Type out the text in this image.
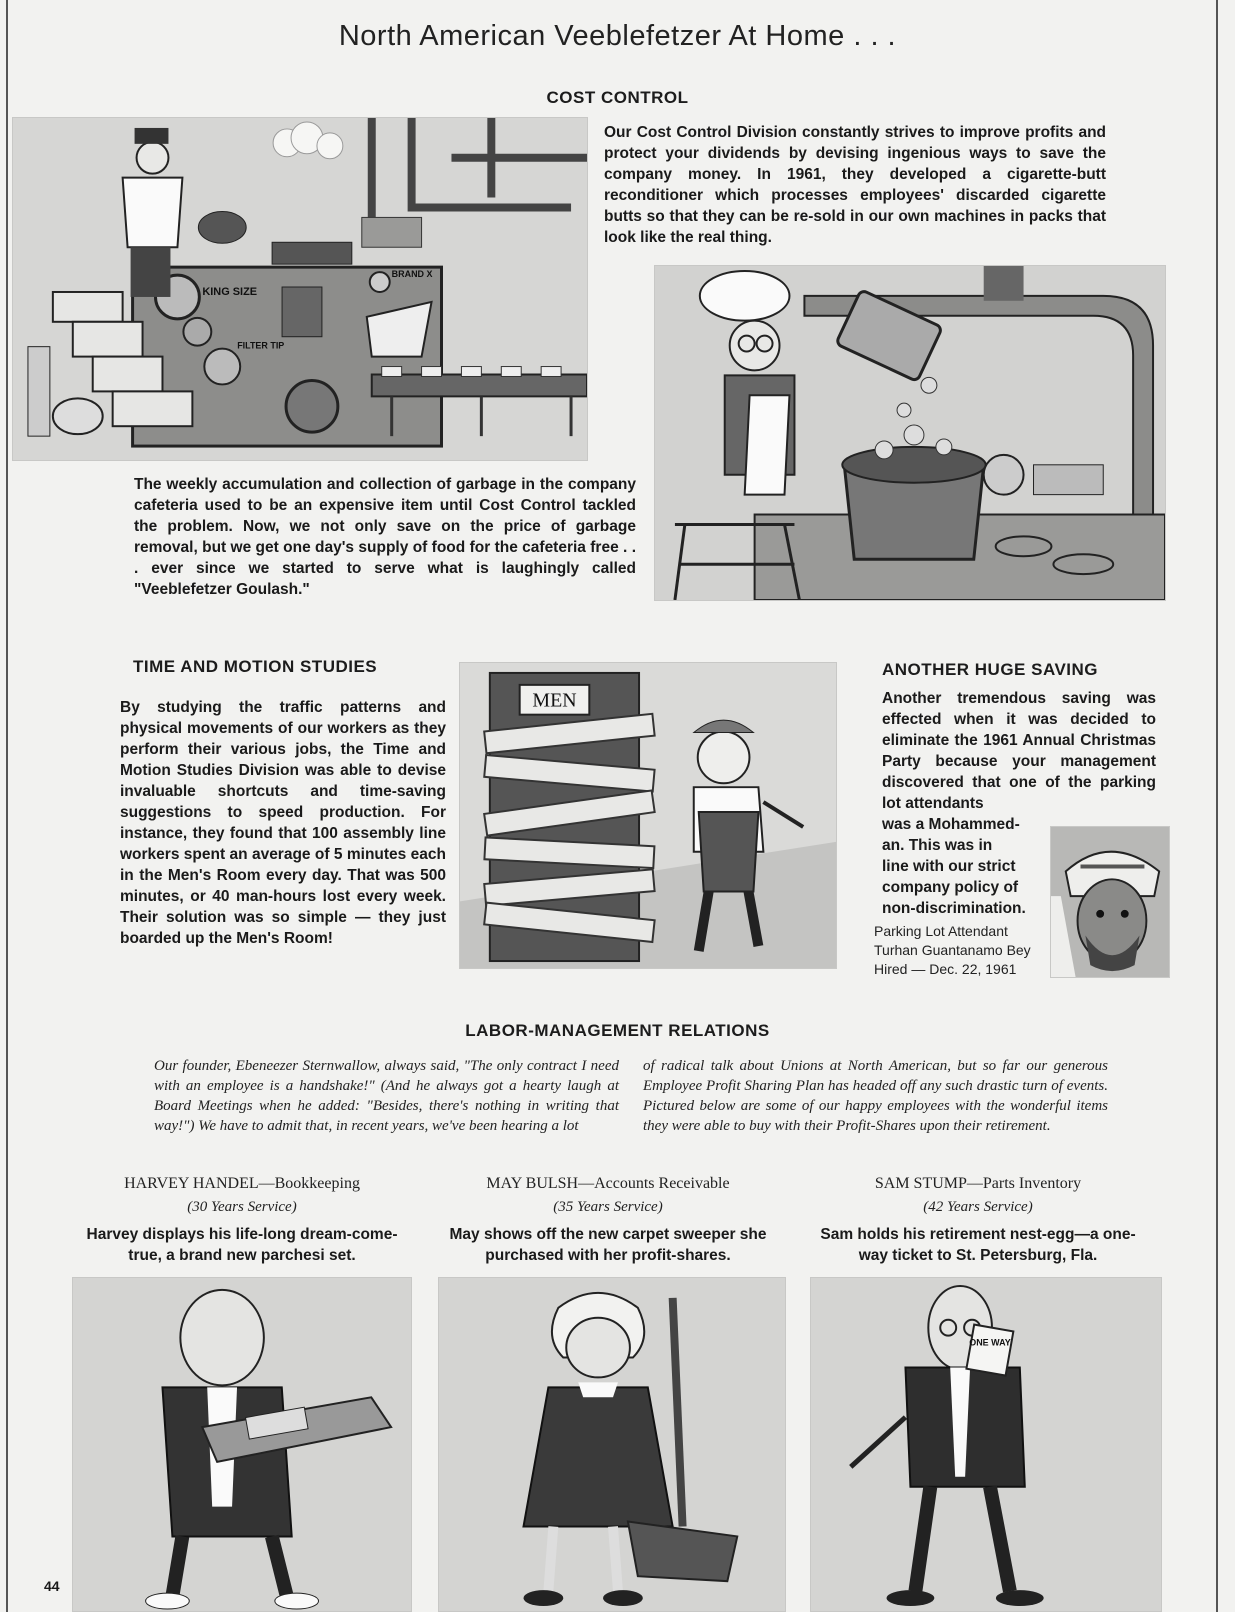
North American Veeblefetzer At Home . . .
COST CONTROL
KING SIZE
FILTER TIP
BRAND X
Our Cost Control Division constantly strives to improve profits and protect your dividends by devising ingenious ways to save the company money. In 1961, they developed a cigarette-butt reconditioner which processes employees' discarded cigarette butts so that they can be re-sold in our own machines in packs that look like the real thing.
The weekly accumulation and collection of garbage in the company cafeteria used to be an expensive item until Cost Control tackled the problem. Now, we not only save on the price of garbage removal, but we get one day's supply of food for the cafeteria free . . . ever since we started to serve what is laughingly called "Veeblefetzer Goulash."
TIME AND MOTION STUDIES
By studying the traffic patterns and physical movements of our workers as they perform their various jobs, the Time and Motion Studies Division was able to devise invaluable shortcuts and time-saving suggestions to speed production. For instance, they found that 100 assembly line workers spent an average of 5 minutes each in the Men's Room every day. That was 500 minutes, or 40 man-hours lost every week. Their solution was so simple — they just boarded up the Men's Room!
MEN
ANOTHER HUGE SAVING
Another tremendous saving was effected when it was decided to eliminate the 1961 Annual Christmas Party because your management discovered that one of the parking lot attendants
was a Mohammed-
an. This was in
line with our strict
company policy of
non-discrimination.
Parking Lot Attendant
Turhan Guantanamo Bey
Hired — Dec. 22, 1961
LABOR-MANAGEMENT RELATIONS
Our founder, Ebeneezer Sternwallow, always said, "The only contract I need with an employee is a handshake!" (And he always got a hearty laugh at Board Meetings when he added: "Besides, there's nothing in writing that way!") We have to admit that, in recent years, we've been hearing a lot
of radical talk about Unions at North American, but so far our generous Employee Profit Sharing Plan has headed off any such drastic turn of events. Pictured below are some of our happy employees with the wonderful items they were able to buy with their Profit-Shares upon their retirement.
HARVEY HANDEL—Bookkeeping
(30 Years Service)
Harvey displays his life-long dream-come-true, a brand new parchesi set.
MAY BULSH—Accounts Receivable
(35 Years Service)
May shows off the new carpet sweeper she purchased with her profit-shares.
SAM STUMP—Parts Inventory
(42 Years Service)
Sam holds his retirement nest-egg—a one-way ticket to St. Petersburg, Fla.
ONE WAY
44
